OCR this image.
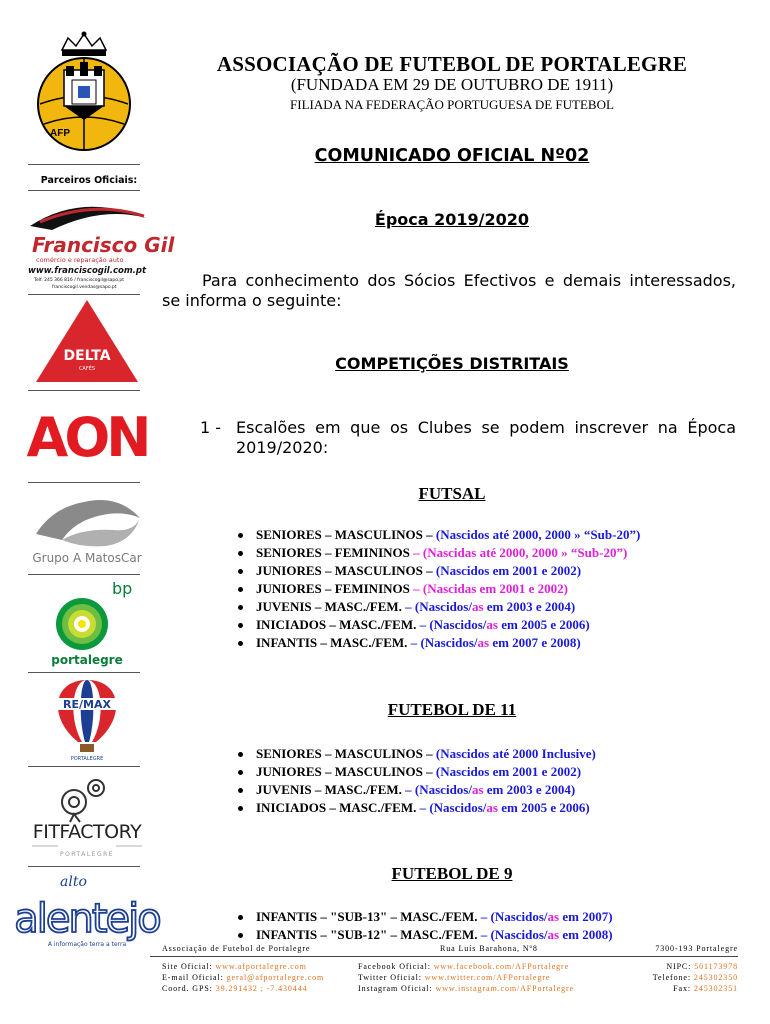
AFP
ASSOCIAÇÃO DE FUTEBOL DE PORTALEGRE
(FUNDADA EM 29 DE OUTUBRO DE 1911)
FILIADA NA FEDERAÇÃO PORTUGUESA DE FUTEBOL
COMUNICADO OFICIAL Nº02
Parceiros Oficiais:
Francisco Gil
comércio e reparação auto
www.franciscogil.com.pt
Telf. 245 366 816 / franciscogil@sapo.pt
franciscogil.vendas@sapo.pt
DELTA
CAFÉS
AON
Grupo A MatosCar
bp
portalegre
RE/MAX
PORTALEGRE
FITFACTORY
PORTALEGRE
alto
alentejo
A informação terra a terra
Época 2019/2020
Para conhecimento dos Sócios Efectivos e demais interessados, se informa o seguinte:
COMPETIÇÕES DISTRITAIS
1 - Escalões em que os Clubes se podem inscrever na Época 2019/2020:
FUTSAL
SENIORES – MASCULINOS – (Nascidos até 2000, 2000 » “Sub-20”)
SENIORES – FEMININOS – (Nascidas até 2000, 2000 » “Sub-20”)
JUNIORES – MASCULINOS – (Nascidos em 2001 e 2002)
JUNIORES – FEMININOS – (Nascidas em 2001 e 2002)
JUVENIS – MASC./FEM. – (Nascidos/as em 2003 e 2004)
INICIADOS – MASC./FEM. – (Nascidos/as em 2005 e 2006)
INFANTIS – MASC./FEM. – (Nascidos/as em 2007 e 2008)
FUTEBOL DE 11
SENIORES – MASCULINOS – (Nascidos até 2000 Inclusive)
JUNIORES – MASCULINOS – (Nascidos em 2001 e 2002)
JUVENIS – MASC./FEM. – (Nascidos/as em 2003 e 2004)
INICIADOS – MASC./FEM. – (Nascidos/as em 2005 e 2006)
FUTEBOL DE 9
INFANTIS – "SUB-13" – MASC./FEM. – (Nascidos/as em 2007)
INFANTIS – "SUB-12" – MASC./FEM. – (Nascidos/as em 2008)
Associação de Futebol de Portalegre	Rua Luís Barahona, Nº8	7300-193 Portalegre
Site Oficial: www.afportalegre.com	Facebook Oficial: www.facebook.com/AFPortalegre	NIPC: 501173978
E-mail Oficial: geral@afportalegre.com	Twitter Oficial: www.twitter.com/AFPortalegre	Telefone: 245302350
Coord. GPS: 39.291432 ; -7.430444	Instagram Oficial: www.instagram.com/AFPortalegre	Fax: 245302351
